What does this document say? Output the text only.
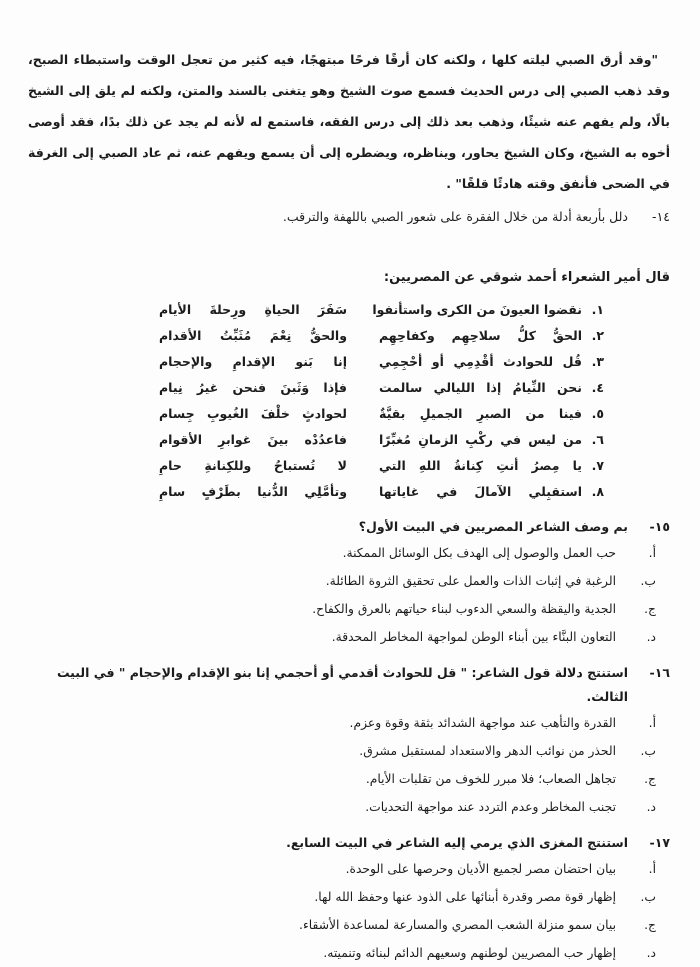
"وقد أرق الصبي ليلته كلها ، ولكنه كان أرقًا فرحًا مبتهجًا، فيه كثير من تعجل الوقت واستبطاء الصبح، وقد ذهب الصبي إلى درس الحديث فسمع صوت الشيخ وهو يتغنى بالسند والمتن، ولكنه لم يلق إلى الشيخ بالًا، ولم يفهم عنه شيئًا، وذهب بعد ذلك إلى درس الفقه، فاستمع له لأنه لم يجد عن ذلك بدًا، فقد أوصى أخوه به الشيخ، وكان الشيخ يحاور، ويناظره، ويضطره إلى أن يسمع ويفهم عنه، ثم عاد الصبي إلى الغرفة في الضحى فأنفق وقته هادئًا قلقًا" .

١٤-
دلل بأربعة أدلة من خلال الفقرة على شعور الصبي باللهفة والترقب.

قال أمير الشعراء أحمد شوقي عن المصريين:

١.
نقضوا العيونَ من الكرى واستأنفوا
سَفَرَ الحياةِ ورِحلةَ الأيام
٢.
الحقُّ كلُّ سلاحِهِم وكفاحِهِم
والحقُّ نِعْمَ مُثَبِّتُ الأقدام
٣.
قُل للحوادث أقْدِمِي أو أحْجِمِي
إنا بَنو الإقدامِ والإحجام
٤.
نحن النِّيامُ إذا الليالي سالمت
فإذا وَثَبنَ فنحن غيرُ نِيام
٥.
فينا من الصبرِ الجميلِ بقيَّةٌ
لحوادثٍ خلْفَ الغُيوبِ جِسام
٦.
من ليس في ركْبِ الزمانِ مُغبِّرًا
فاعدُدْه بينَ غوابرِ الأقوام
٧.
يا مِصرُ أنتِ كِنانةُ اللهِ التي
لا تُستباحُ وللكِنانةِ حامِ
٨.
استقبِلي الآمالَ في غاياتها
وتأمَّلِي الدُّنيا بطَرْفٍ سامِ
١٥-
بم وصف الشاعر المصريين في البيت الأول؟
أ.
حب العمل والوصول إلى الهدف بكل الوسائل الممكنة.
ب.
الرغبة في إثبات الذات والعمل على تحقيق الثروة الطائلة.
ج.
الجدية واليقظة والسعي الدءوب لبناء حياتهم بالعرق والكفاح.
د.
التعاون البنَّاء بين أبناء الوطن لمواجهة المخاطر المحدقة.
١٦-
استنتج دلالة قول الشاعر: " قل للحوادث أقدمي أو أحجمي إنا بنو الإقدام والإحجام " في البيت الثالث.
أ.
القدرة والتأهب عند مواجهة الشدائد بثقة وقوة وعزم.
ب.
الحذر من نوائب الدهر والاستعداد لمستقبل مشرق.
ج.
تجاهل الصعاب؛ فلا مبرر للخوف من تقلبات الأيام.
د.
تجنب المخاطر وعدم التردد عند مواجهة التحديات.
١٧-
استنتج المغزى الذي يرمي إليه الشاعر في البيت السابع.
أ.
بيان احتضان مصر لجميع الأديان وحرصها على الوحدة.
ب.
إظهار قوة مصر وقدرة أبنائها على الذود عنها وحفظ الله لها.
ج.
بيان سمو منزلة الشعب المصري والمسارعة لمساعدة الأشقاء.
د.
إظهار حب المصريين لوطنهم وسعيهم الدائم لبنائه وتنميته.
